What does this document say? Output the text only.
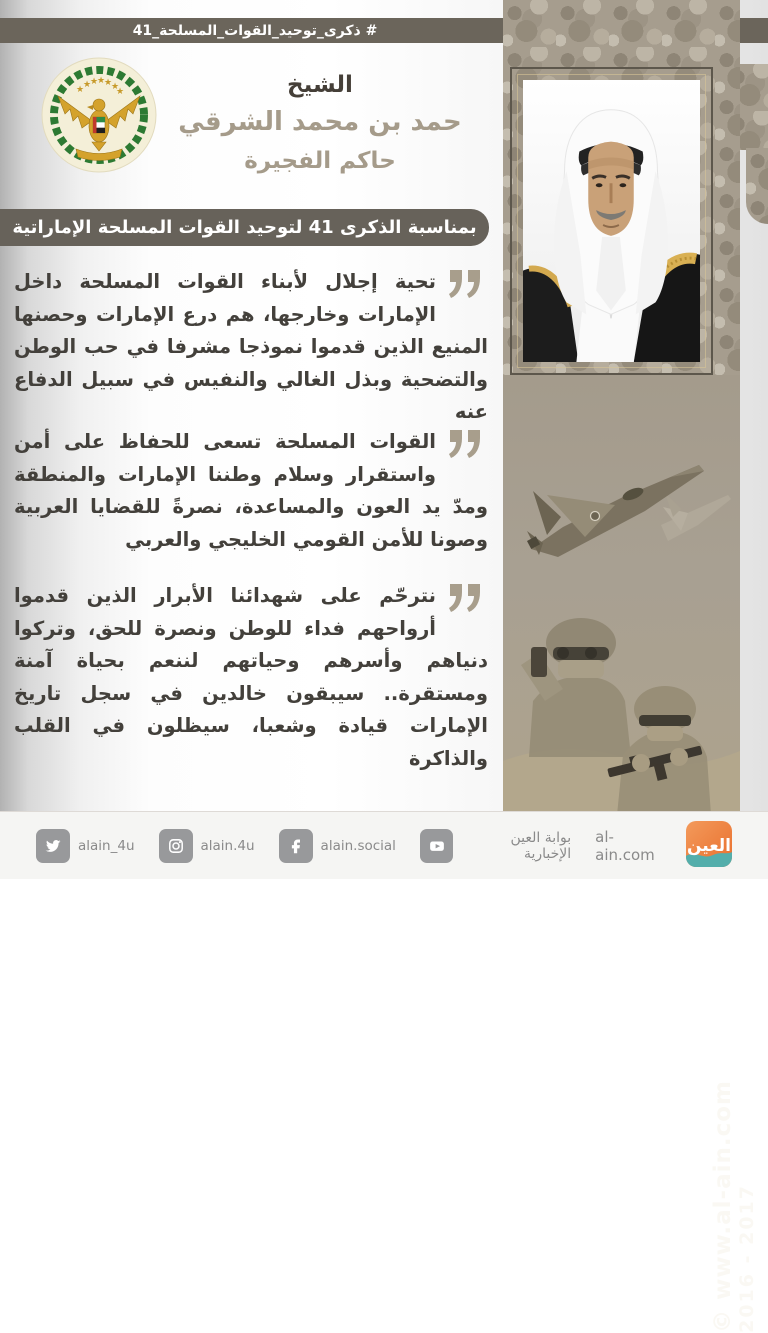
# ذكرى_توحيد_القوات_المسلحة_41
★
★
★
★
★
★
★	الشيخ
حمد بن محمد الشرقي
حاكم الفجيرة
بمناسبة الذكرى 41 لتوحيد القوات المسلحة الإماراتية

تحية إجلال لأبناء القوات المسلحة داخل الإمارات وخارجها، هم درع الإمارات وحصنها المنيع الذين قدموا نموذجا مشرفا في حب الوطن والتضحية وبذل الغالي والنفيس في سبيل الدفاع عنه

القوات المسلحة تسعى للحفاظ على أمن واستقرار وسلام وطننا الإمارات والمنطقة ومدّ يد العون والمساعدة، نصرةً للقضايا العربية وصونا للأمن القومي الخليجي والعربي

نترحّم على شهدائنا الأبرار الذين قدموا أرواحهم فداء للوطن ونصرة للحق، وتركوا دنياهم وأسرهم وحياتهم لننعم بحياة آمنة ومستقرة.. سيبقون خالدين في سجل تاريخ الإمارات قيادة وشعبا، سيظلون في القلب والذاكرة

© www.al-ain.com 2016 - 2017
alain_4u	alain.4u	alain.social	بوابة العين الإخبارية
al-ain.com	العين
